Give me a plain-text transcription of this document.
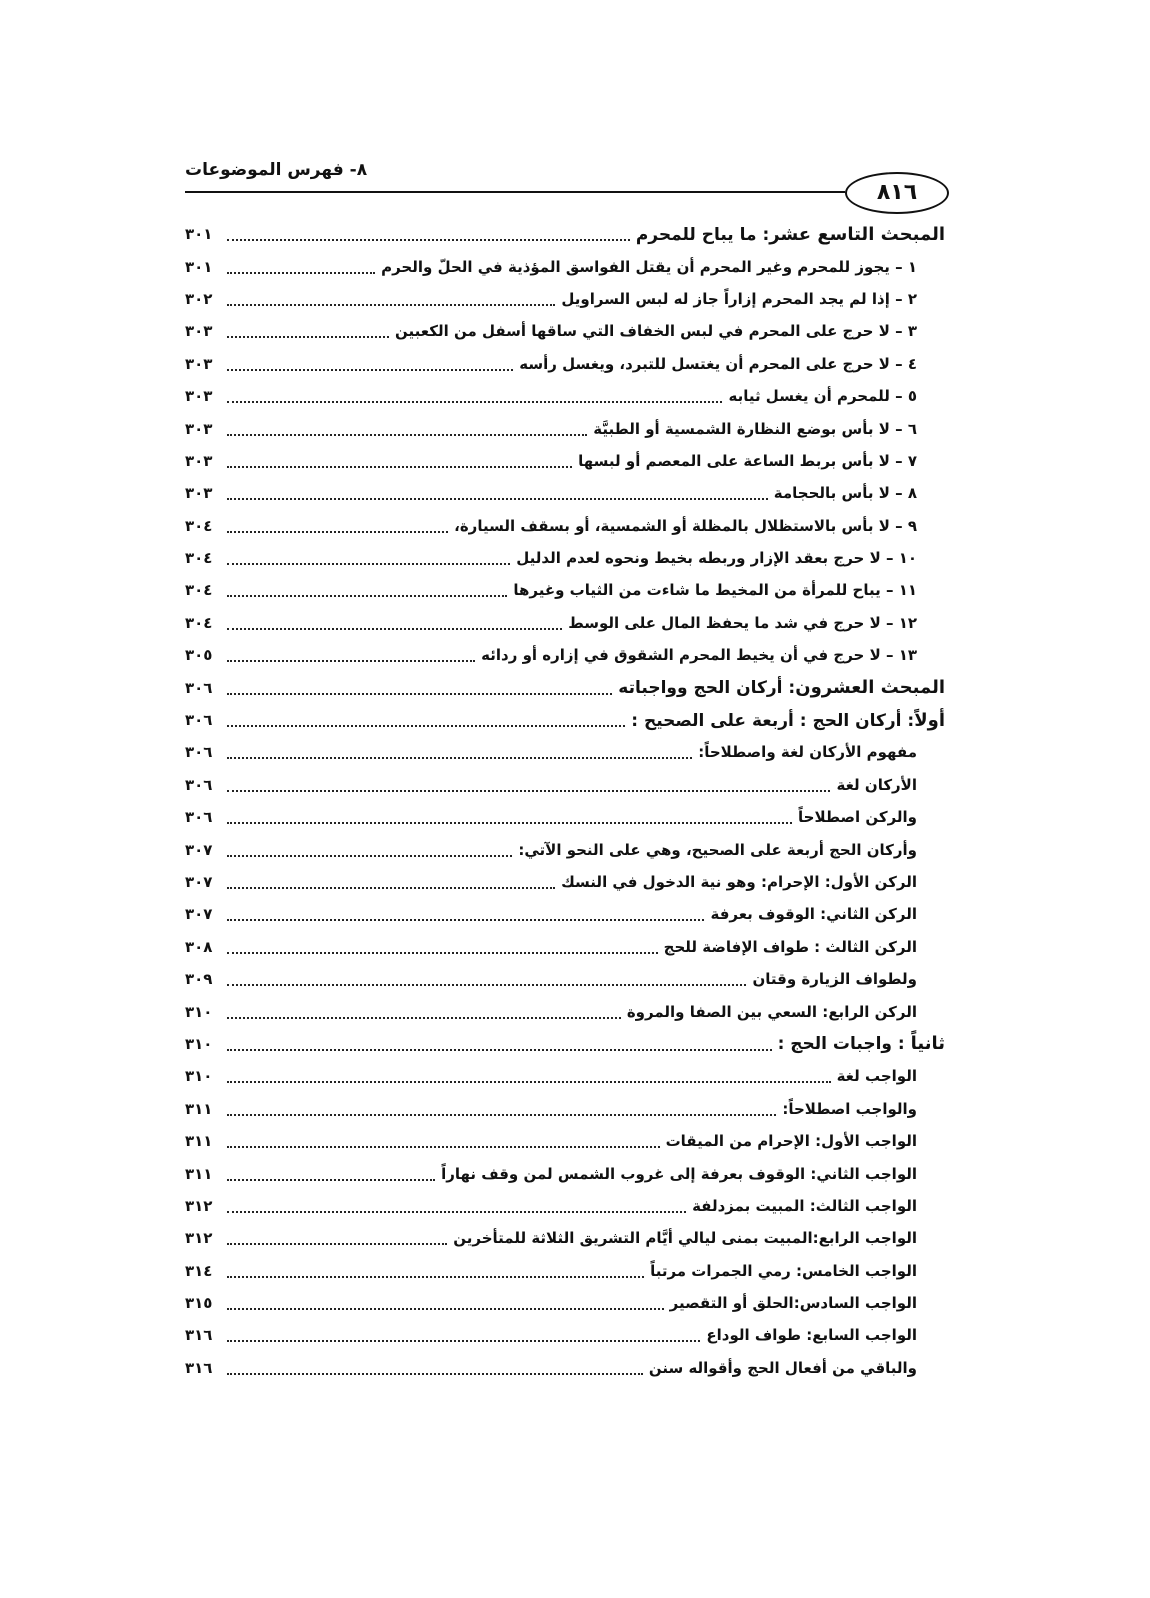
٨- فهرس الموضوعات
٨١٦
المبحث التاسع عشر: ما يباح للمحرم
٣٠١
١ – يجوز للمحرم وغير المحرم أن يقتل الفواسق المؤذية في الحلّ والحرم
٣٠١
٢ – إذا لم يجد المحرم إزاراً جاز له لبس السراويل
٣٠٢
٣ – لا حرج على المحرم في لبس الخفاف التي ساقها أسفل من الكعبين
٣٠٣
٤ – لا حرج على المحرم أن يغتسل للتبرد، ويغسل رأسه
٣٠٣
٥ – للمحرم أن يغسل ثيابه
٣٠٣
٦ – لا بأس بوضع النظارة الشمسية أو الطبيَّة
٣٠٣
٧ – لا بأس بربط الساعة على المعصم أو لبسها
٣٠٣
٨ – لا بأس بالحجامة
٣٠٣
٩ – لا بأس بالاستظلال بالمظلة أو الشمسية، أو بسقف السيارة،
٣٠٤
١٠ – لا حرج بعقد الإزار وربطه بخيط ونحوه لعدم الدليل
٣٠٤
١١ – يباح للمرأة من المخيط ما شاءت من الثياب وغيرها
٣٠٤
١٢ – لا حرج في شد ما يحفظ المال على الوسط
٣٠٤
١٣ – لا حرج في أن يخيط المحرم الشقوق في إزاره أو ردائه
٣٠٥
المبحث العشرون: أركان الحج وواجباته
٣٠٦
أولاً: أركان الحج : أربعة على الصحيح :
٣٠٦
مفهوم الأركان لغة واصطلاحاً:
٣٠٦
الأركان لغة
٣٠٦
والركن اصطلاحاً
٣٠٦
وأركان الحج أربعة على الصحيح، وهي على النحو الآتي:
٣٠٧
الركن الأول: الإحرام: وهو نية الدخول في النسك
٣٠٧
الركن الثاني: الوقوف بعرفة
٣٠٧
الركن الثالث : طواف الإفاضة للحج
٣٠٨
ولطواف الزيارة وقتان
٣٠٩
الركن الرابع: السعي بين الصفا والمروة
٣١٠
ثانياً : واجبات الحج :
٣١٠
الواجب لغة
٣١٠
والواجب اصطلاحاً:
٣١١
الواجب الأول: الإحرام من الميقات
٣١١
الواجب الثاني: الوقوف بعرفة إلى غروب الشمس لمن وقف نهاراً
٣١١
الواجب الثالث: المبيت بمزدلفة
٣١٢
الواجب الرابع:المبيت بمنى ليالي أيَّام التشريق الثلاثة للمتأخرين
٣١٢
الواجب الخامس: رمي الجمرات مرتباً
٣١٤
الواجب السادس:الحلق أو التقصير
٣١٥
الواجب السابع: طواف الوداع
٣١٦
والباقي من أفعال الحج وأقواله سنن
٣١٦
